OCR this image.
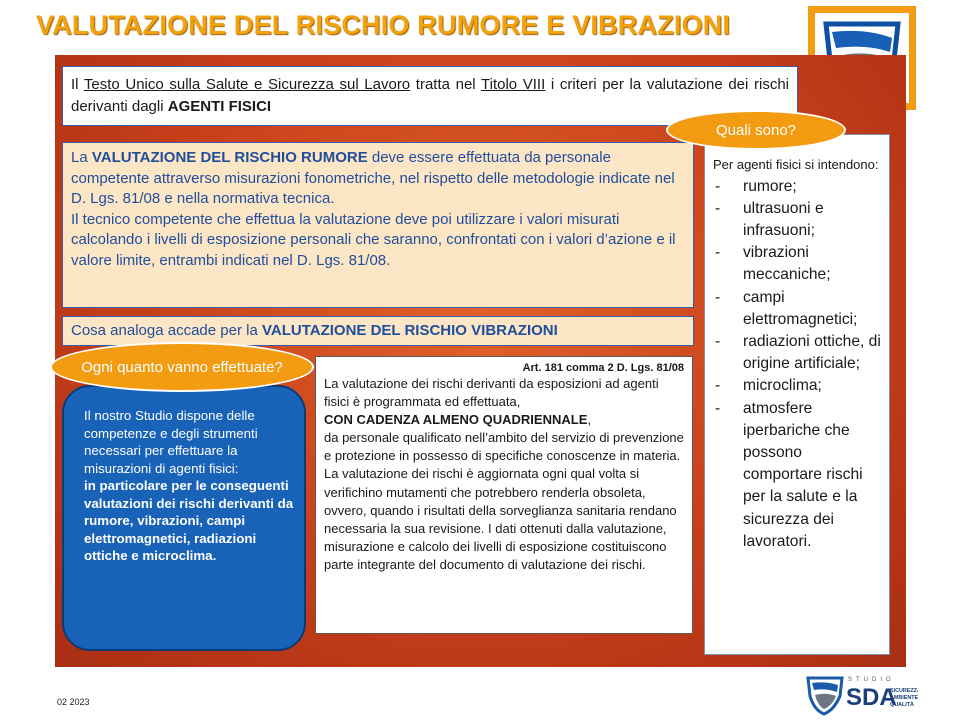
VALUTAZIONE DEL RISCHIO RUMORE E VIBRAZIONI
Il Testo Unico sulla Salute e Sicurezza sul Lavoro tratta nel Titolo VIII i criteri per la valutazione dei rischi derivanti dagli AGENTI FISICI
La VALUTAZIONE DEL RISCHIO RUMORE deve essere effettuata da personale competente attraverso misurazioni fonometriche, nel rispetto delle metodologie indicate nel D. Lgs. 81/08 e nella normativa tecnica.
Il tecnico competente che effettua la valutazione deve poi utilizzare i valori misurati calcolando i livelli di esposizione personali che saranno, confrontati con i valori d’azione e il valore limite, entrambi indicati nel D. Lgs. 81/08.
Cosa analoga accade per la VALUTAZIONE DEL RISCHIO VIBRAZIONI
Il nostro Studio dispone delle competenze e degli strumenti necessari per effettuare la misurazioni di agenti fisici:
in particolare per le conseguenti valutazioni dei rischi derivanti da rumore, vibrazioni, campi elettromagnetici, radiazioni ottiche e microclima.
Ogni quanto vanno effettuate?	Art. 181 comma 2 D. Lgs. 81/08
La valutazione dei rischi derivanti da esposizioni ad agenti fisici è programmata ed effettuata,
CON CADENZA ALMENO QUADRIENNALE,
da personale qualificato nell’ambito del servizio di prevenzione e protezione in possesso di specifiche conoscenze in materia. La valutazione dei rischi è aggiornata ogni qual volta si verifichino mutamenti che potrebbero renderla obsoleta, ovvero, quando i risultati della sorveglianza sanitaria rendano necessaria la sua revisione. I dati ottenuti dalla valutazione, misurazione e calcolo dei livelli di esposizione costituiscono parte integrante del documento di valutazione dei rischi.
Per agenti fisici si intendono:
- rumore;
- ultrasuoni e infrasuoni;
- vibrazioni meccaniche;
- campi elettromagnetici;
- radiazioni ottiche, di origine artificiale;
- microclima;
- atmosfere iperbariche che possono comportare rischi per la salute e la sicurezza dei lavoratori.
Quali sono?
02 2023
STUDIO
SDA
SICUREZZA
AMBIENTE
QUALITÀ
